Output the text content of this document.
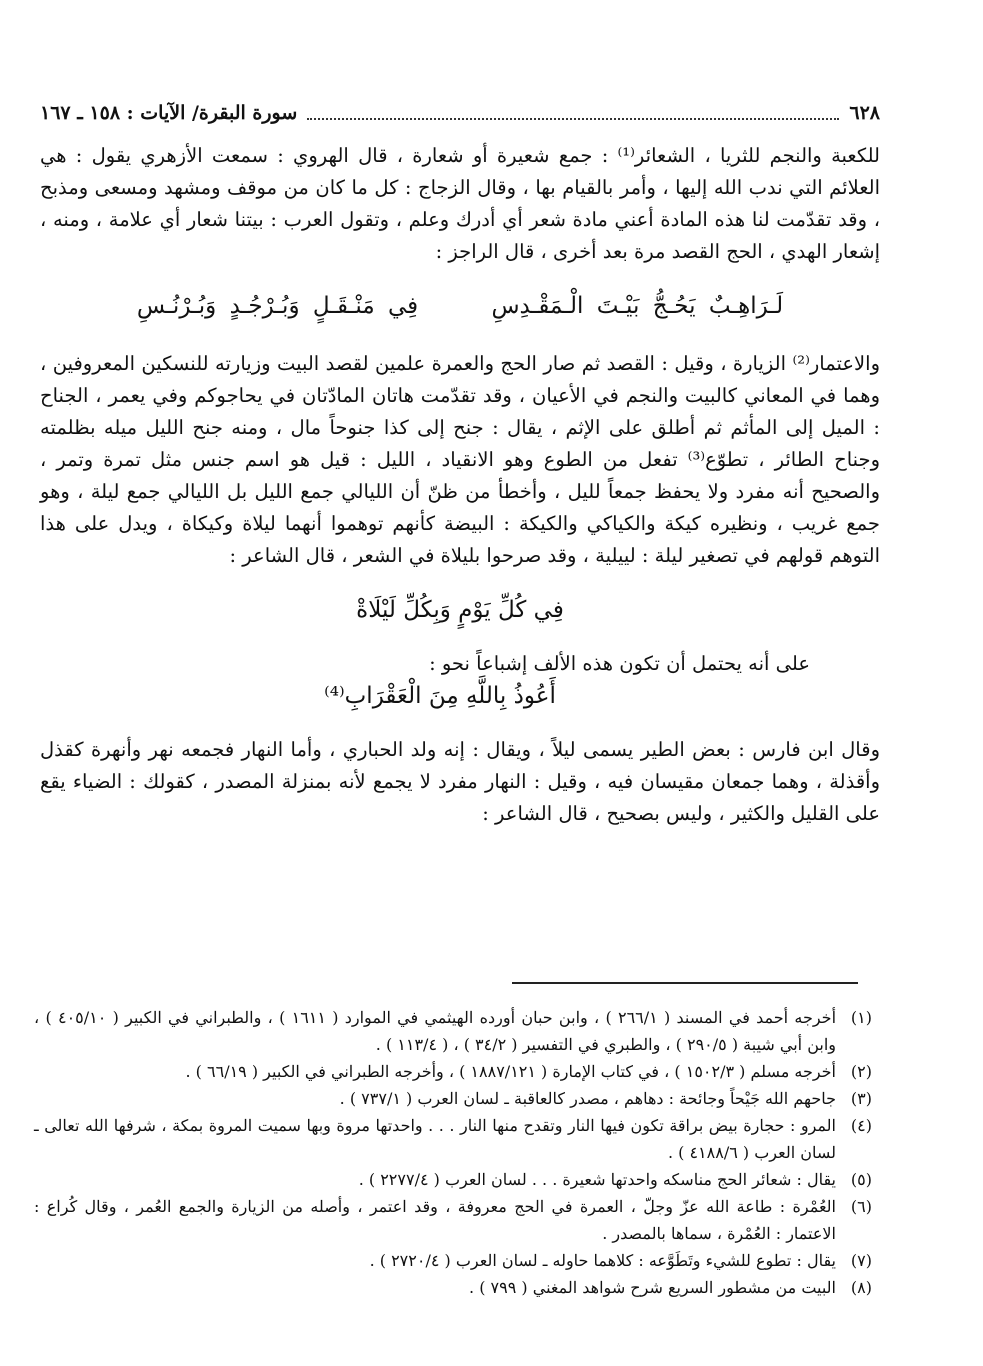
٦٢٨
سورة البقرة/ الآيات : ١٥٨ ـ ١٦٧

للكعبة والنجم للثريا ، الشعائر⁽¹⁾ : جمع شعيرة أو شعارة ، قال الهروي : سمعت الأزهري يقول : هي العلائم التي ندب الله إليها ، وأمر بالقيام بها ، وقال الزجاج : كل ما كان من موقف ومشهد ومسعى ومذبح ، وقد تقدّمت لنا هذه المادة أعني مادة شعر أي أدرك وعلم ، وتقول العرب : بيتنا شعار أي علامة ، ومنه ، إشعار الهدي ، الحج القصد مرة بعد أخرى ، قال الراجز :

لَـرَاهِـبٌ يَحُـجُّ بَيْـتَ الْـمَقْـدِسِ فِي مَنْـقَـلٍ وَبُـرْجُـدٍ وَبُـرْنُـسِ

والاعتمار⁽²⁾ الزيارة ، وقيل : القصد ثم صار الحج والعمرة علمين لقصد البيت وزيارته للنسكين المعروفين ، وهما في المعاني كالبيت والنجم في الأعيان ، وقد تقدّمت هاتان المادّتان في يحاجوكم وفي يعمر ، الجناح : الميل إلى المأثم ثم أطلق على الإثم ، يقال : جنح إلى كذا جنوحاً مال ، ومنه جنح الليل ميله بظلمته وجناح الطائر ، تطوّع⁽³⁾ تفعل من الطوع وهو الانقياد ، الليل : قيل هو اسم جنس مثل تمرة وتمر ، والصحيح أنه مفرد ولا يحفظ جمعاً لليل ، وأخطأ من ظنّ أن الليالي جمع الليل بل الليالي جمع ليلة ، وهو جمع غريب ، ونظيره كيكة والكياكي والكيكة : البيضة كأنهم توهموا أنهما ليلاة وكيكاة ، ويدل على هذا التوهم قولهم في تصغير ليلة : لييلية ، وقد صرحوا بليلاة في الشعر ، قال الشاعر :

فِي كُلِّ يَوْمٍ وَبِكُلِّ لَيْلَاةْ

على أنه يحتمل أن تكون هذه الألف إشباعاً نحو :

أَعُوذُ بِاللَّهِ مِنَ الْعَقْرَابِ⁽⁴⁾

وقال ابن فارس : بعض الطير يسمى ليلاً ، ويقال : إنه ولد الحباري ، وأما النهار فجمعه نهر وأنهرة كقذل وأقذلة ، وهما جمعان مقيسان فيه ، وقيل : النهار مفرد لا يجمع لأنه بمنزلة المصدر ، كقولك : الضياء يقع على القليل والكثير ، وليس بصحيح ، قال الشاعر :

(١)
أخرجه أحمد في المسند ( ٢٦٦/١ ) ، وابن حبان أورده الهيثمي في الموارد ( ١٦١١ ) ، والطبراني في الكبير ( ٤٠٥/١٠ ) ، وابن أبي شيبة ( ٢٩٠/٥ ) ، والطبري في التفسير ( ٣٤/٢ ) ، ( ١١٣/٤ ) .
(٢)
أخرجه مسلم ( ١٥٠٢/٣ ) ، في كتاب الإمارة ( ١٨٨٧/١٢١ ) ، وأخرجه الطبراني في الكبير ( ٦٦/١٩ ) .
(٣)
جاحهم الله جَيْحاً وجائحة : دهاهم ، مصدر كالعاقبة ـ لسان العرب ( ٧٣٧/١ ) .
(٤)
المرو : حجارة بيض براقة تكون فيها النار وتقدح منها النار . . . واحدتها مروة وبها سميت المروة بمكة ، شرفها الله تعالى ـ لسان العرب ( ٤١٨٨/٦ ) .
(٥)
يقال : شعائر الحج مناسكه واحدتها شعيرة . . . لسان العرب ( ٢٢٧٧/٤ ) .
(٦)
العُمْرة : طاعة الله عزّ وجلّ ، العمرة في الحج معروفة ، وقد اعتمر ، وأصله من الزيارة والجمع العُمر ، وقال كُراع : الاعتمار : العُمْرة ، سماها بالمصدر .
(٧)
يقال : تطوع للشيء وتَطَوَّعه : كلاهما حاوله ـ لسان العرب ( ٢٧٢٠/٤ ) .
(٨)
البيت من مشطور السريع شرح شواهد المغني ( ٧٩٩ ) .
